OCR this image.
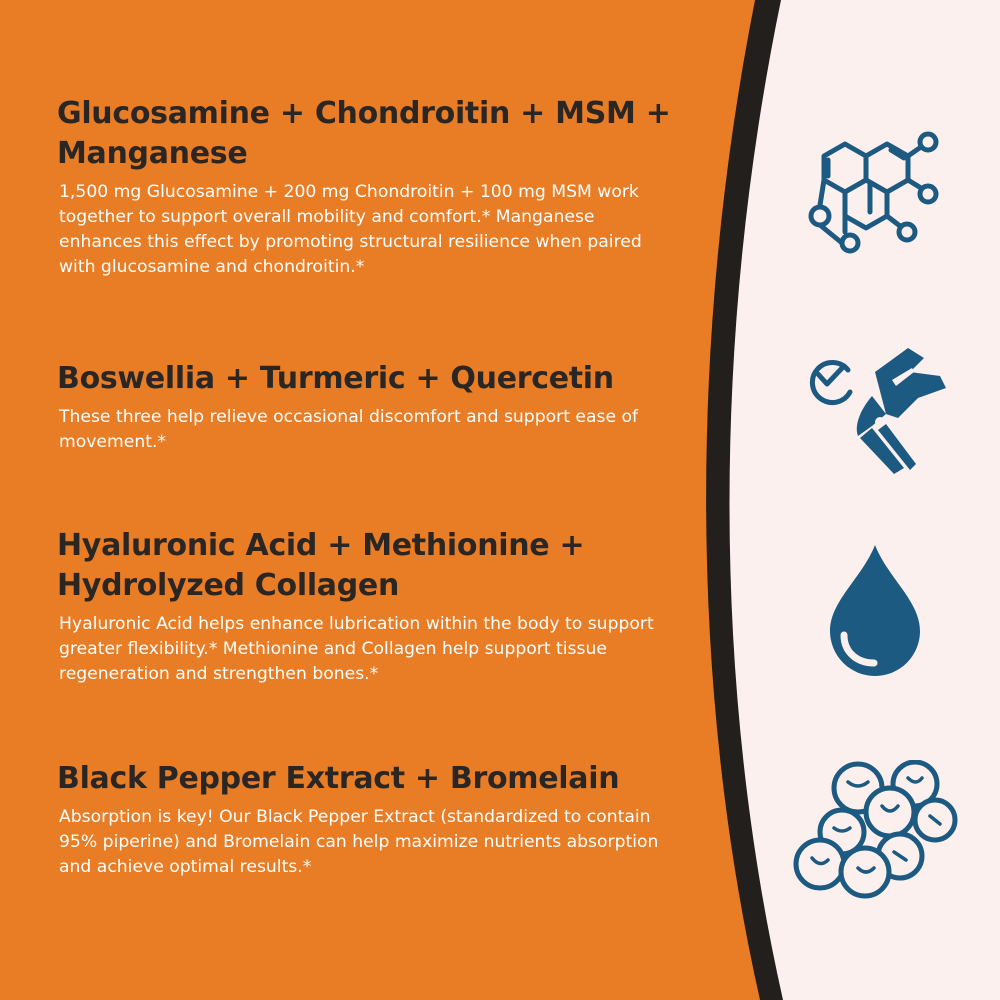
Glucosamine + Chondroitin + MSM + Manganese

1,500 mg Glucosamine + 200 mg Chondroitin + 100 mg MSM work together to support overall mobility and comfort.* Manganese enhances this effect by promoting structural resilience when paired with glucosamine and chondroitin.*

Boswellia + Turmeric + Quercetin

These three help relieve occasional discomfort and support ease of movement.*

Hyaluronic Acid + Methionine + Hydrolyzed Collagen

Hyaluronic Acid helps enhance lubrication within the body to support greater flexibility.* Methionine and Collagen help support tissue regeneration and strengthen bones.*

Black Pepper Extract + Bromelain

Absorption is key! Our Black Pepper Extract (standardized to contain 95% piperine) and Bromelain can help maximize nutrients absorption and achieve optimal results.*
